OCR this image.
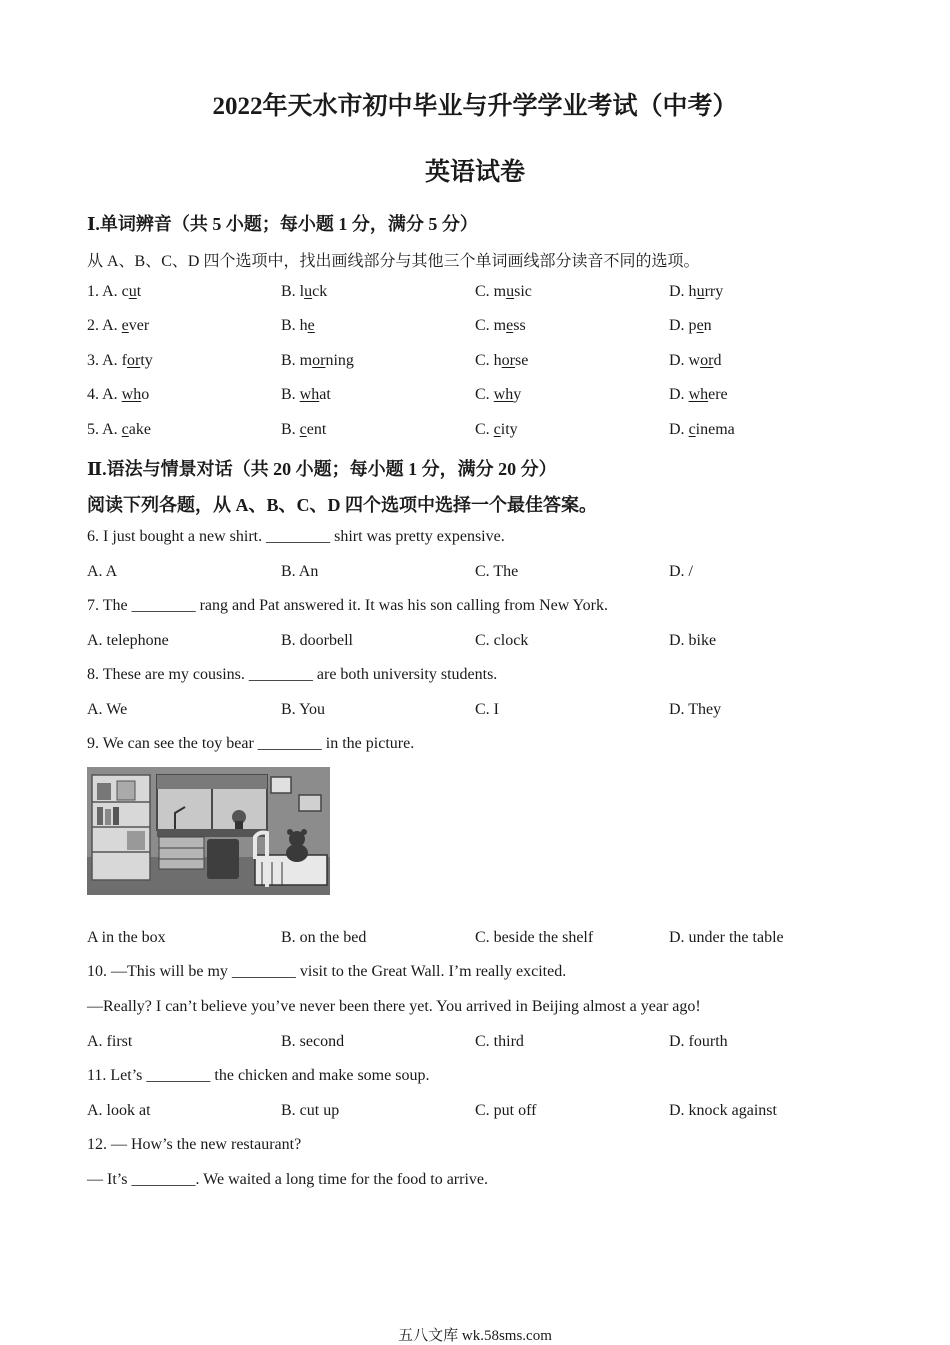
2022年天水市初中毕业与升学学业考试（中考）
英语试卷
Ⅰ.单词辨音（共 5 小题；每小题 1 分，满分 5 分）
从 A、B、C、D 四个选项中，找出画线部分与其他三个单词画线部分读音不同的选项。
1. A. cut	B. luck	C. music	D. hurry
2. A. ever	B. he	C. mess	D. pen
3. A. forty	B. morning	C. horse	D. word
4. A. who	B. what	C. why	D. where
5. A. cake	B. cent	C. city	D. cinema
Ⅱ.语法与情景对话（共 20 小题；每小题 1 分，满分 20 分）
阅读下列各题，从 A、B、C、D 四个选项中选择一个最佳答案。
6. I just bought a new shirt. ________ shirt was pretty expensive.
A. A	B. An	C. The	D. /
7. The ________ rang and Pat answered it. It was his son calling from New York.
A. telephone	B. doorbell	C. clock	D. bike
8. These are my cousins. ________ are both university students.
A. We	B. You	C. I	D. They
9. We can see the toy bear ________ in the picture.
A in the box	B. on the bed	C. beside the shelf	D. under the table
10. —This will be my ________ visit to the Great Wall. I’m really excited.
—Really? I can’t believe you’ve never been there yet. You arrived in Beijing almost a year ago!
A. first	B. second	C. third	D. fourth
11. Let’s ________ the chicken and make some soup.
A. look at	B. cut up	C. put off	D. knock against
12. — How’s the new restaurant?
— It’s ________. We waited a long time for the food to arrive.
五八文库 wk.58sms.com
